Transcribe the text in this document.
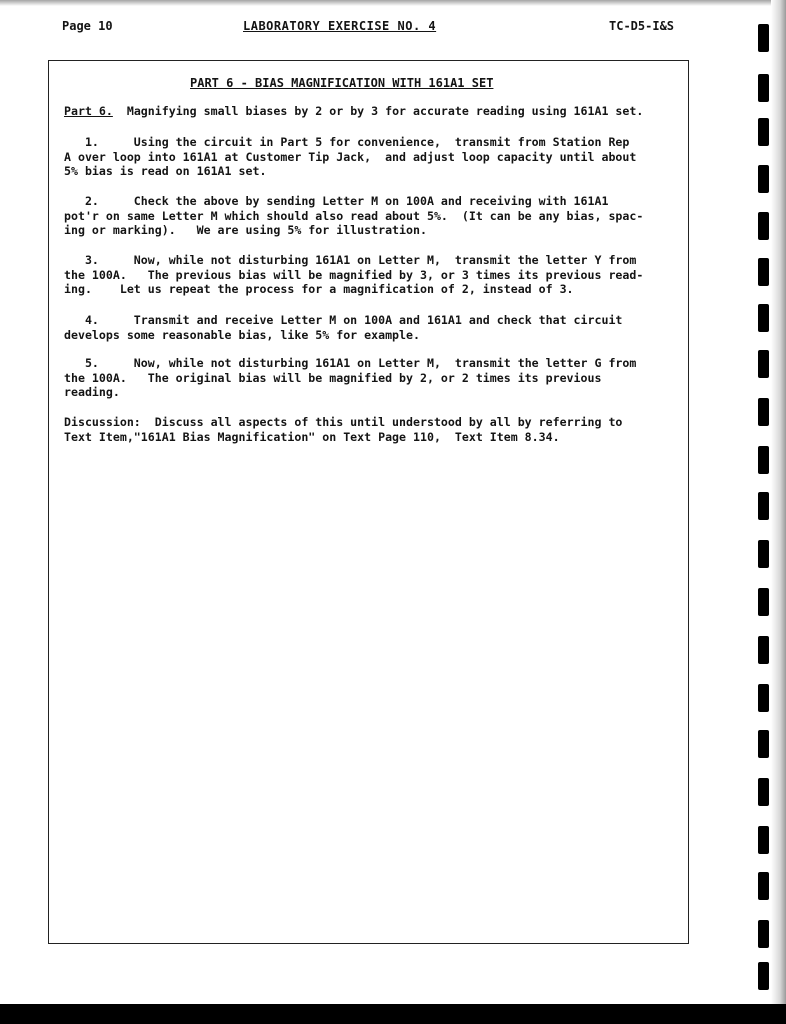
Page 10	LABORATORY EXERCISE NO. 4	TC-D5-I&S
PART 6 - BIAS MAGNIFICATION WITH 161A1 SET
Part 6.  Magnifying small biases by 2 or by 3 for accurate reading using 161A1 set.
1.	Using the circuit in Part 5 for convenience,  transmit from Station Rep
A over loop into 161A1 at Customer Tip Jack,  and adjust loop capacity until about
5% bias is read on 161A1 set.
2.	Check the above by sending Letter M on 100A and receiving with 161A1
pot'r on same Letter M which should also read about 5%.  (It can be any bias, spac-
ing or marking).   We are using 5% for illustration.
3.	Now, while not disturbing 161A1 on Letter M,  transmit the letter Y from
the 100A.   The previous bias will be magnified by 3, or 3 times its previous read-
ing.    Let us repeat the process for a magnification of 2, instead of 3.
4.	Transmit and receive Letter M on 100A and 161A1 and check that circuit
develops some reasonable bias, like 5% for example.
5.	Now, while not disturbing 161A1 on Letter M,  transmit the letter G from
the 100A.   The original bias will be magnified by 2, or 2 times its previous
reading.
Discussion:  Discuss all aspects of this until understood by all by referring to
Text Item,"161A1 Bias Magnification" on Text Page 110,  Text Item 8.34.
